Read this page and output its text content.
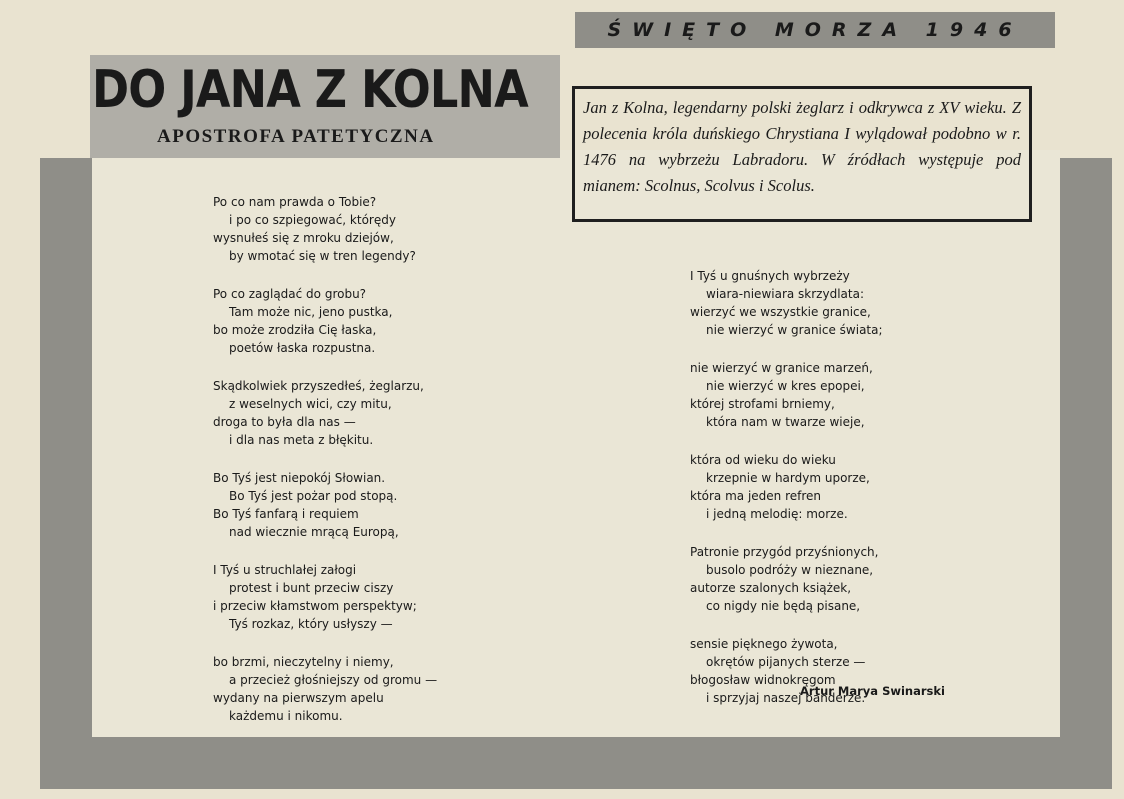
ŚWIĘTO MORZA 1946
DO JANA Z KOLNA
APOSTROFA PATETYCZNA
Jan z Kolna, legendarny polski żeglarz i odkrywca z XV wieku. Z polecenia króla duńskiego Chrystiana I wylądował podobno w r. 1476 na wybrzeżu Labradoru. W źródłach występuje pod mianem: Scolnus, Scolvus i Scolus.
Po co nam prawda o Tobie?
i po co szpiegować, którędy
wysnułeś się z mroku dziejów,
by wmotać się w tren legendy?
Po co zaglądać do grobu?
Tam może nic, jeno pustka,
bo może zrodziła Cię łaska,
poetów łaska rozpustna.
Skądkolwiek przyszedłeś, żeglarzu,
z weselnych wici, czy mitu,
droga to była dla nas —
i dla nas meta z błękitu.
Bo Tyś jest niepokój Słowian.
Bo Tyś jest pożar pod stopą.
Bo Tyś fanfarą i requiem
nad wiecznie mrącą Europą,
I Tyś u struchlałej załogi
protest i bunt przeciw ciszy
i przeciw kłamstwom perspektyw;
Tyś rozkaz, który usłyszy —
bo brzmi, nieczytelny i niemy,
a przecież głośniejszy od gromu —
wydany na pierwszym apelu
każdemu i nikomu.
I Tyś u gnuśnych wybrzeży
wiara-niewiara skrzydlata:
wierzyć we wszystkie granice,
nie wierzyć w granice świata;
nie wierzyć w granice marzeń,
nie wierzyć w kres epopei,
której strofami brniemy,
która nam w twarze wieje,
która od wieku do wieku
krzepnie w hardym uporze,
która ma jeden refren
i jedną melodię: morze.
Patronie przygód przyśnionych,
busolo podróży w nieznane,
autorze szalonych książek,
co nigdy nie będą pisane,
sensie pięknego żywota,
okrętów pijanych sterze —
błogosław widnokręgom
i sprzyjaj naszej banderze.
Artur Marya Swinarski
